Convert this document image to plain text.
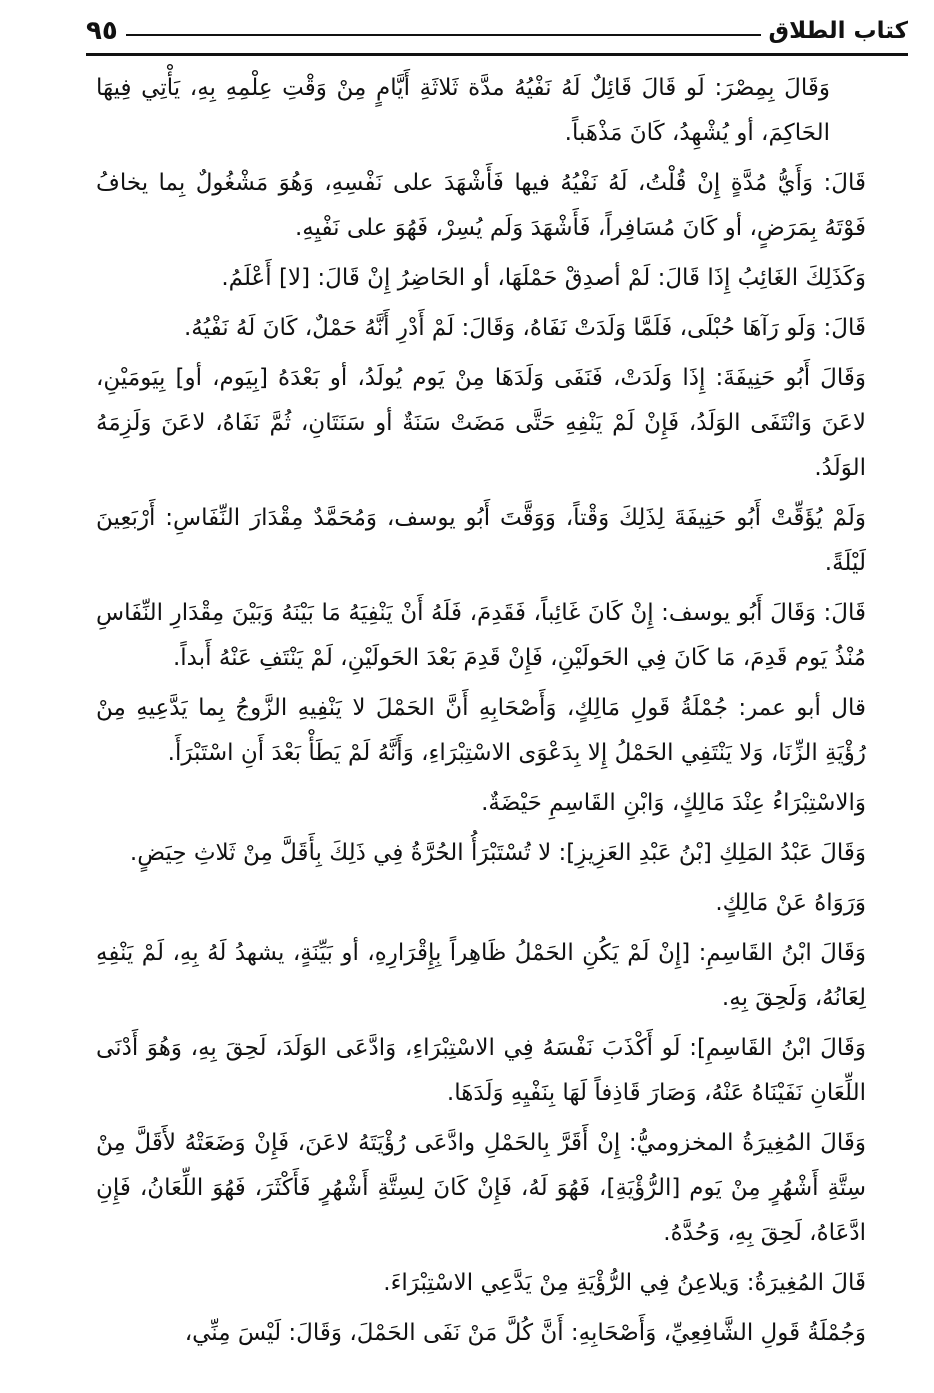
كتاب الطلاق
٩٥

وَقَالَ بِمِصْرَ: لَو قَالَ قَائِلٌ لَهُ نَفْيُهُ مدَّة ثَلاثَةِ أَيَّامٍ مِنْ وَقْتِ عِلْمِهِ بِهِ، يَأْتِي فِيهَا الحَاكِمَ، أو يُشْهِدُ، كَانَ مَذْهَباً.

قَالَ: وَأَيُّ مُدَّةٍ إِنْ قُلْتُ، لَهُ نَفْيُهُ فيها فَأَشْهَدَ على نَفْسِهِ، وَهُوَ مَشْغُولٌ بِما يخافُ فَوْتَهُ بِمَرَضٍ، أو كَانَ مُسَافِراً، فَأَشْهَدَ وَلَم يُسِرْ، فَهُوَ على نَفْيِهِ.

وَكَذَلِكَ الغَائِبُ إِذَا قَالَ: لَمْ أصدِقْ حَمْلَهَا، أو الحَاضِرُ إِنْ قَالَ: [لا] أَعْلَمُ.

قَالَ: وَلَو رَآهَا حُبْلَى، فَلَمَّا وَلَدَتْ نَفَاهُ، وَقَالَ: لَمْ أَدْرِ أَنَّهُ حَمْلٌ، كَانَ لَهُ نَفْيُهُ.

وَقَالَ أَبُو حَنِيفَةَ: إِذَا وَلَدَتْ، فَنَفَى وَلَدَهَا مِنْ يَوم يُولَدُ، أو بَعْدَهُ [بِيَوم، أو] بِيَومَيْنِ، لاعَنَ وَانْتَفَى الوَلَدُ، فَإِنْ لَمْ يَنْفِهِ حَتَّى مَضَتْ سَنَةٌ أو سَنَتَانِ، ثُمَّ نَفَاهُ، لاعَنَ وَلَزِمَهُ الوَلَدُ.

وَلَمْ يُؤَقِّتْ أَبُو حَنِيفَةَ لِذَلِكَ وَقْتاً، وَوَقَّتَ أَبُو يوسف، وَمُحَمَّدٌ مِقْدَارَ النِّفَاسِ: أَرْبَعِينَ لَيْلَةً.

قَالَ: وَقَالَ أَبُو يوسف: إِنْ كَانَ غَائِباً، فَقَدِمَ، فَلَهُ أَنْ يَنْفِيَهُ مَا بَيْنَهُ وَبَيْنَ مِقْدَارِ النِّفَاسِ مُنْذُ يَوم قَدِمَ، مَا كَانَ فِي الحَولَيْنِ، فَإِنْ قَدِمَ بَعْدَ الحَولَيْنِ، لَمْ يَنْتَفِ عَنْهُ أَبداً.

قال أبو عمر: جُمْلَةُ قَولِ مَالِكٍ، وَأَصْحَابِهِ أَنَّ الحَمْلَ لا يَنْفِيهِ الزَّوجُ بِما يَدَّعِيهِ مِنْ رُؤْيَةِ الزِّنَا، وَلا يَنْتَفِي الحَمْلُ إِلا بِدَعْوَى الاسْتِبْرَاءِ، وَأَنَّهُ لَمْ يَطَأْ بَعْدَ أَنِ اسْتَبْرَأَ.

وَالاسْتِبْرَاءُ عِنْدَ مَالِكٍ، وَابْنِ القَاسِمِ حَيْضَةٌ.

وَقَالَ عَبْدُ المَلِكِ [بْنُ عَبْدِ العَزِيزِ]: لا تُسْتَبْرَأُ الحُرَّةُ فِي ذَلِكَ بِأَقَلَّ مِنْ ثَلاثِ حِيَضٍ.

وَرَوَاهُ عَنْ مَالِكٍ.

وَقَالَ ابْنُ القَاسِمِ: [إِنْ لَمْ يَكُنِ الحَمْلُ ظَاهِراً بِإِقْرَارِهِ، أو بَيِّنَةٍ، يشهدُ لَهُ بِهِ، لَمْ يَنْفِهِ لِعَانُهُ، وَلَحِقَ بِهِ.

وَقَالَ ابْنُ القَاسِمِ]: لَو أَكْذَبَ نَفْسَهُ فِي الاسْتِبْرَاءِ، وَادَّعَى الوَلَدَ، لَحِقَ بِهِ، وَهُوَ أَدْنَى اللِّعَانِ نَفَيْنَاهُ عَنْهُ، وَصَارَ قَاذِفاً لَهَا بِنَفْيِهِ وَلَدَهَا.

وَقَالَ المُغِيرَةُ المخزوميُّ: إِنْ أَقَرَّ بِالحَمْلِ وادَّعَى رُؤْيَتَهُ لاعَنَ، فَإِنْ وَضَعَتْهُ لأَقَلَّ مِنْ سِتَّةِ أَشْهُرٍ مِنْ يَوم [الرُّؤْيَةِ]، فَهُوَ لَهُ، فَإِنْ كَانَ لِسِتَّةِ أَشْهُرٍ فَأَكْثَرَ، فَهُوَ اللِّعَانُ، فَإِنِ ادَّعَاهُ، لَحِقَ بِهِ، وَحُدَّهُ.

قَالَ المُغِيرَةُ: وَيلاعِنُ فِي الرُّؤْيَةِ مِنْ يَدَّعِي الاسْتِبْرَاءَ.

وَجُمْلَةُ قَولِ الشَّافِعِيِّ، وَأَصْحَابِهِ: أَنَّ كُلَّ مَنْ نَفَى الحَمْلَ، وَقَالَ: لَيْسَ مِنِّي،
